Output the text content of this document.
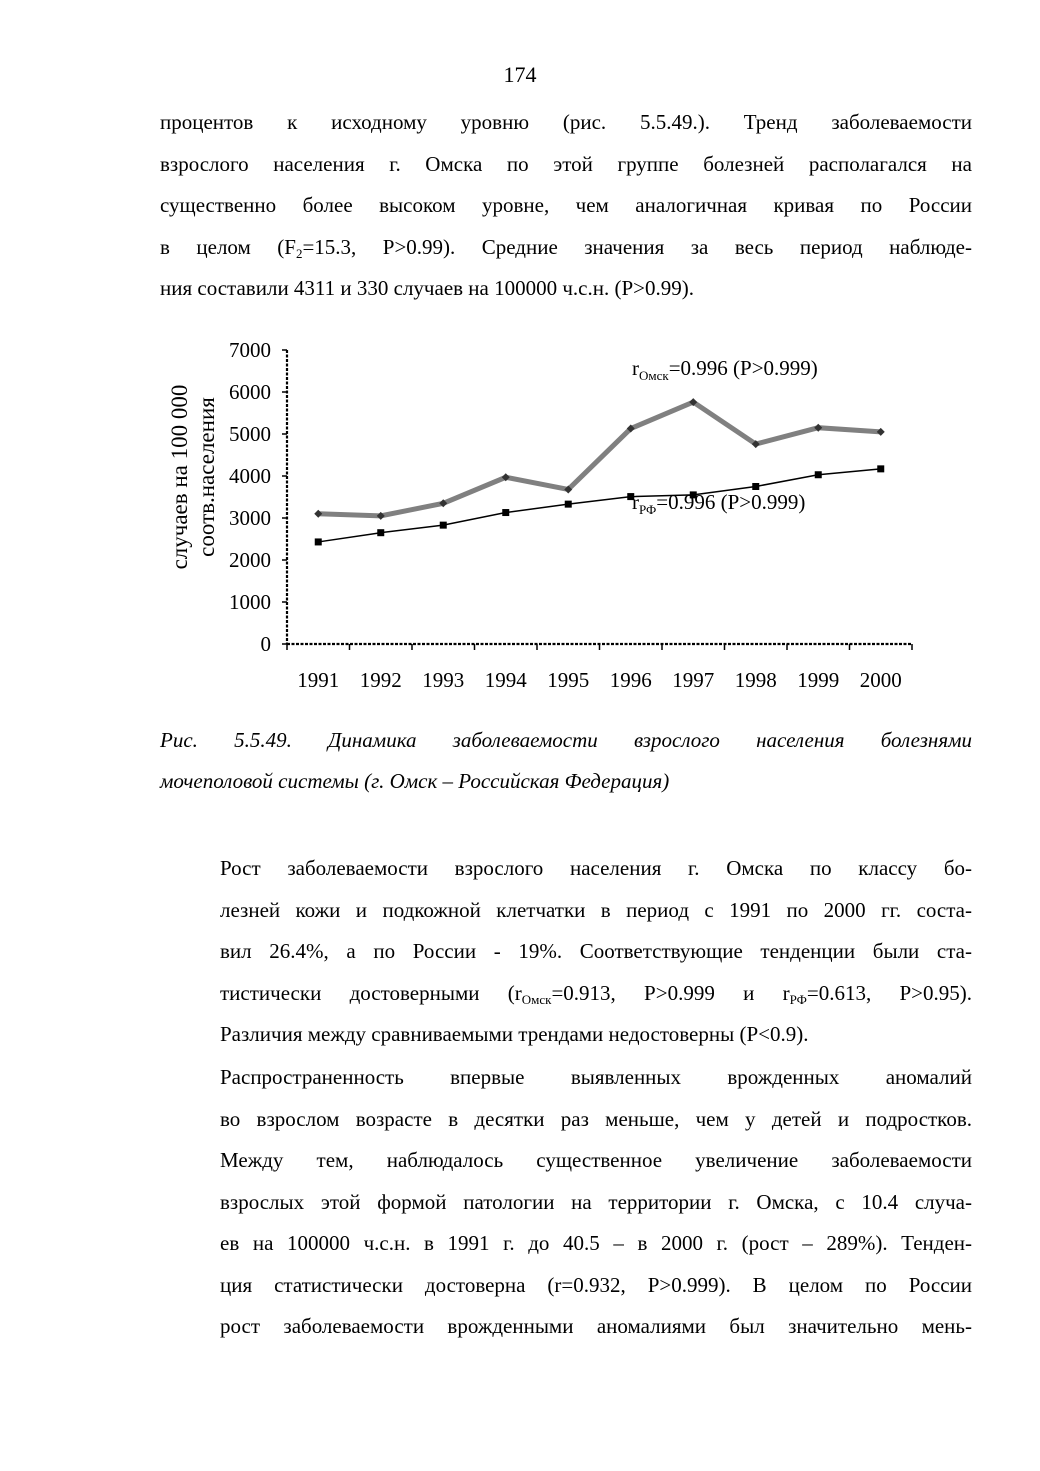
174
процентов к исходному уровню (рис. 5.5.49.). Тренд заболеваемости
взрослого населения г. Омска по этой группе болезней располагался на
существенно более высоком уровне, чем аналогичная кривая по России
в целом ($F_2=15.3$, P>0.99). Средние значения за весь период наблюде-
ния составили 4311 и 330 случаев на 100000 ч.с.н. (P>0.99).
0
1000
2000
3000
4000
5000
6000
7000
1991 1992 1993 1994 1995 1996 1997 1998 1999 2000
случаев на 100 000 соотв.населения
$r_{Омск}=0.996$ (P>0.999)
$r_{РФ}=0.996$ (P>0.999)
Рис. 5.5.49. Динамика заболеваемости взрослого населения болезнями
мочеполовой системы (г. Омск – Российская Федерация)
Рост заболеваемости взрослого населения г. Омска по классу бо-
лезней кожи и подкожной клетчатки в период с 1991 по 2000 гг. соста-
вил 26.4%, а по России - 19%. Соответствующие тенденции были ста-
тистически достоверными ($r_{Омск}=0.913$, P>0.999 и $r_{РФ}=0.613$, P>0.95).
Различия между сравниваемыми трендами недостоверны (P<0.9).
Распространенность впервые выявленных врожденных аномалий
во взрослом возрасте в десятки раз меньше, чем у детей и подростков.
Между тем, наблюдалось существенное увеличение заболеваемости
взрослых этой формой патологии на территории г. Омска, с 10.4 случа-
ев на 100000 ч.с.н. в 1991 г. до 40.5 – в 2000 г. (рост – 289%). Тенден-
ция статистически достоверна (r=0.932, P>0.999). В целом по России
рост заболеваемости врожденными аномалиями был значительно мень-
